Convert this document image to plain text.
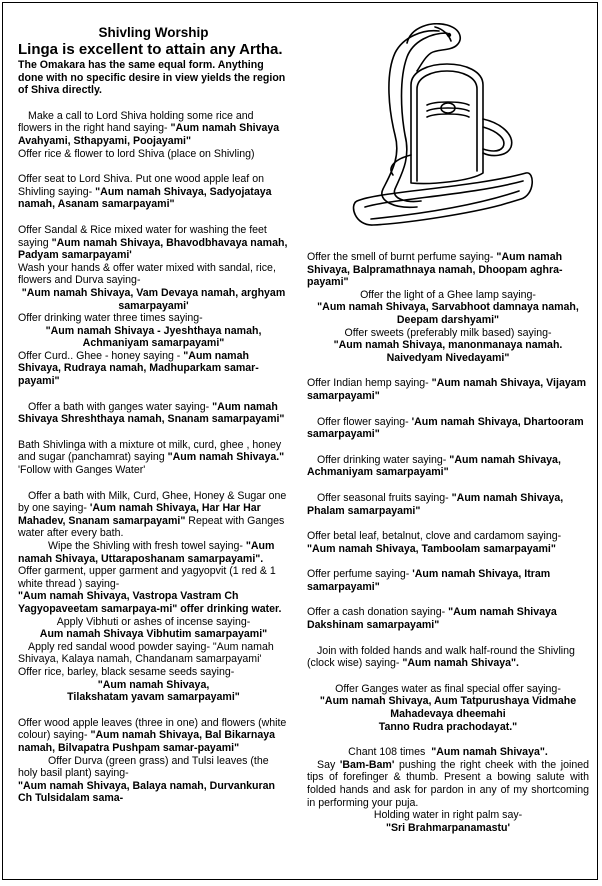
Shivling Worship

Linga is excellent to attain any Artha.

The Omakara has the same equal form. Anything done with no specific desire in view yields the region of Shiva directly.

Make a call to Lord Shiva holding some rice and flowers in the right hand saying- "Aum namah Shivaya Avahyami, Sthapyami, Poojayami"
Offer rice & flower to lord Shiva (place on Shivling)

Offer seat to Lord Shiva. Put one wood apple leaf on Shivling saying- "Aum namah Shivaya, Sadyojataya namah, Asanam samarpayami"

Offer Sandal & Rice mixed water for washing the feet saying "Aum namah Shivaya, Bhavodbhavaya namah, Padyam samarpayami'

Wash your hands & offer water mixed with sandal, rice, flowers and Durva saying-

"Aum namah Shivaya, Vam Devaya namah, arghyam samarpayami'

Offer drinking water three times saying-

"Aum namah Shivaya - Jyeshthaya namah, Achmaniyam samarpayami"

Offer Curd.. Ghee - honey saying - "Aum namah Shivaya, Rudraya namah, Madhuparkam samar-payami"

Offer a bath with ganges water saying- "Aum namah Shivaya Shreshthaya namah, Snanam samarpayami"

Bath Shivlinga with a mixture ot milk, curd, ghee , honey and sugar (panchamrat) saying "Aum namah Shivaya." 'Follow with Ganges Water'

Offer a bath with Milk, Curd, Ghee, Honey & Sugar one by one saying- 'Aum namah Shivaya, Har Har Har Mahadev, Snanam samarpayami" Repeat with Ganges water after every bath.

Wipe the Shivling with fresh towel saying- "Aum namah Shivaya, Uttaraposhanam samarpayami".

Offer garment, upper garment and yagyopvit (1 red & 1 white thread ) saying-

"Aum namah Shivaya, Vastropa Vastram Ch Yagyopaveetam samarpaya-mi" offer drinking water.

Apply Vibhuti or ashes of incense saying-

Aum namah Shivaya Vibhutim samarpayami"

Apply red sandal wood powder saying- "Aum namah Shivaya, Kalaya namah, Chandanam samarpayami'

Offer rice, barley, black sesame seeds saying-

"Aum namah Shivaya,

Tilakshatam yavam samarpayami"

Offer wood apple leaves (three in one) and flowers (white colour) saying- "Aum namah Shivaya, Bal Bikarnaya namah, Bilvapatra Pushpam samar-payami"

Offer Durva (green grass) and Tulsi leaves (the holy basil plant) saying-

"Aum namah Shivaya, Balaya namah, Durvankuran Ch Tulsidalam sama-

Offer the smell of burnt perfume saying- "Aum namah Shivaya, Balpramathnaya namah, Dhoopam aghra-payami"

Offer the light of a Ghee lamp saying-

"Aum namah Shivaya, Sarvabhoot damnaya namah, Deepam darshyami"

Offer sweets (preferably milk based) saying-

"Aum namah Shivaya, manonmanaya namah. Naivedyam Nivedayami"

Offer Indian hemp saying- "Aum namah Shivaya, Vijayam samarpayami"

Offer flower saying- 'Aum namah Shivaya, Dhartooram samarpayami"

Offer drinking water saying- "Aum namah Shivaya, Achmaniyam samarpayami"

Offer seasonal fruits saying- "Aum namah Shivaya, Phalam samarpayami"

Offer betal leaf, betalnut, clove and cardamom saying- "Aum namah Shivaya, Tamboolam samarpayami"

Offer perfume saying- 'Aum namah Shivaya, Itram samarpayami"

Offer a cash donation saying- "Aum namah Shivaya Dakshinam samarpayami"

Join with folded hands and walk half-round the Shivling (clock wise) saying- "Aum namah Shivaya".

Offer Ganges water as final special offer saying-

"Aum namah Shivaya, Aum Tatpurushaya Vidmahe Mahadevaya dheemahi

Tanno Rudra prachodayat."

Chant 108 times "Aum namah Shivaya".

Say 'Bam-Bam' pushing the right cheek with the joined tips of forefinger & thumb. Present a bowing salute with folded hands and ask for pardon in any of my shortcoming in performing your puja.

Holding water in right palm say-

"Sri Brahmarpanamastu'
